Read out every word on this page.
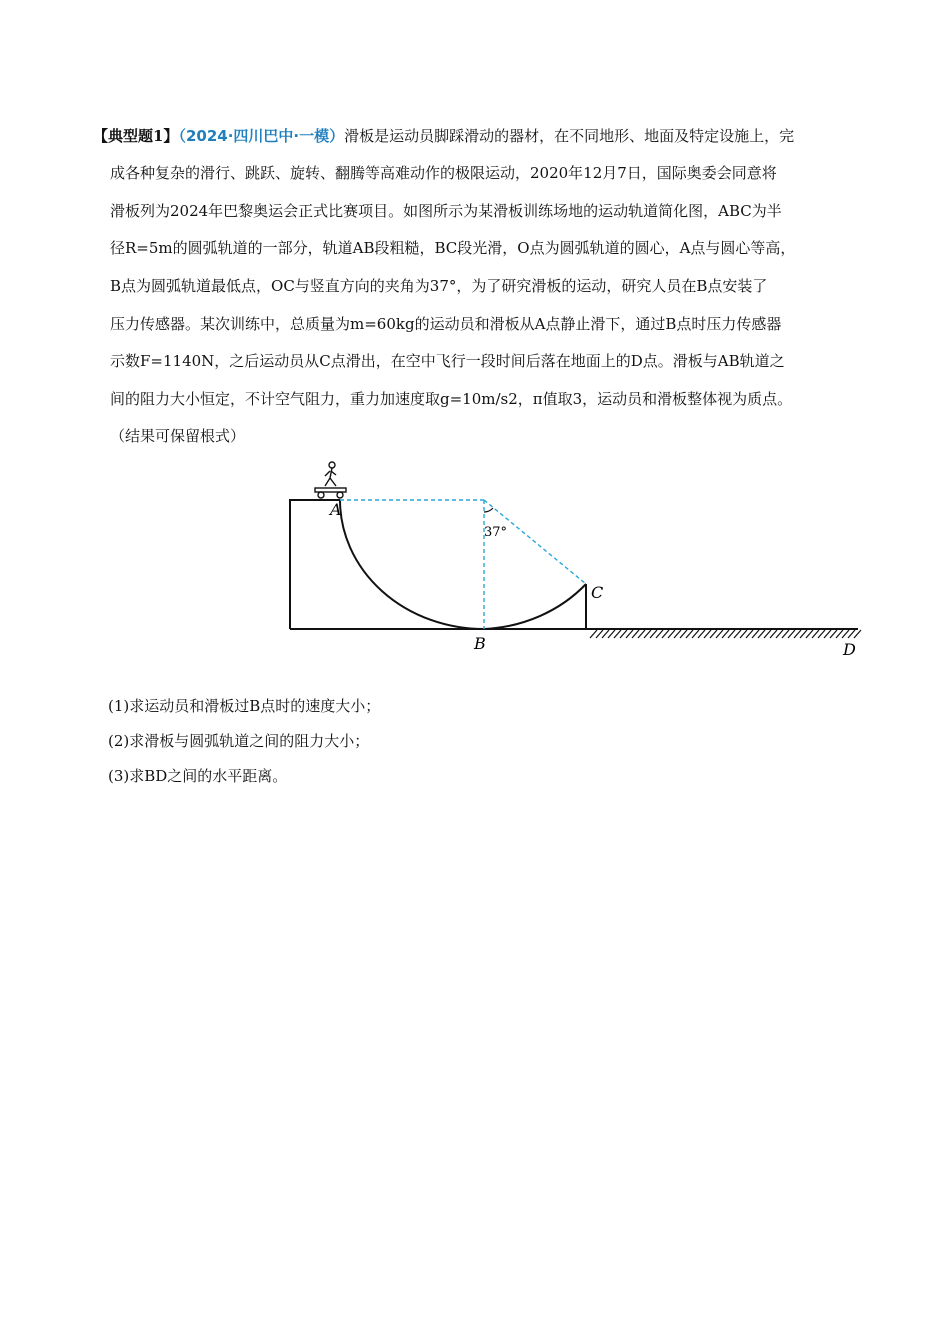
【典型题1】（2024·四川巴中·一模）滑板是运动员脚踩滑动的器材，在不同地形、地面及特定设施上，完
成各种复杂的滑行、跳跃、旋转、翻腾等高难动作的极限运动，2020年12月7日，国际奥委会同意将
滑板列为2024年巴黎奥运会正式比赛项目。如图所示为某滑板训练场地的运动轨道简化图，ABC为半
径R=5m的圆弧轨道的一部分，轨道AB段粗糙，BC段光滑，O点为圆弧轨道的圆心，A点与圆心等高，
B点为圆弧轨道最低点，OC与竖直方向的夹角为37°，为了研究滑板的运动，研究人员在B点安装了
压力传感器。某次训练中，总质量为m=60kg的运动员和滑板从A点静止滑下，通过B点时压力传感器
示数F=1140N，之后运动员从C点滑出，在空中飞行一段时间后落在地面上的D点。滑板与AB轨道之
间的阻力大小恒定，不计空气阻力，重力加速度取g=10m/s2，π值取3，运动员和滑板整体视为质点。
（结果可保留根式）
A
B
C
D
37°
(1)求运动员和滑板过B点时的速度大小；
(2)求滑板与圆弧轨道之间的阻力大小；
(3)求BD之间的水平距离。
